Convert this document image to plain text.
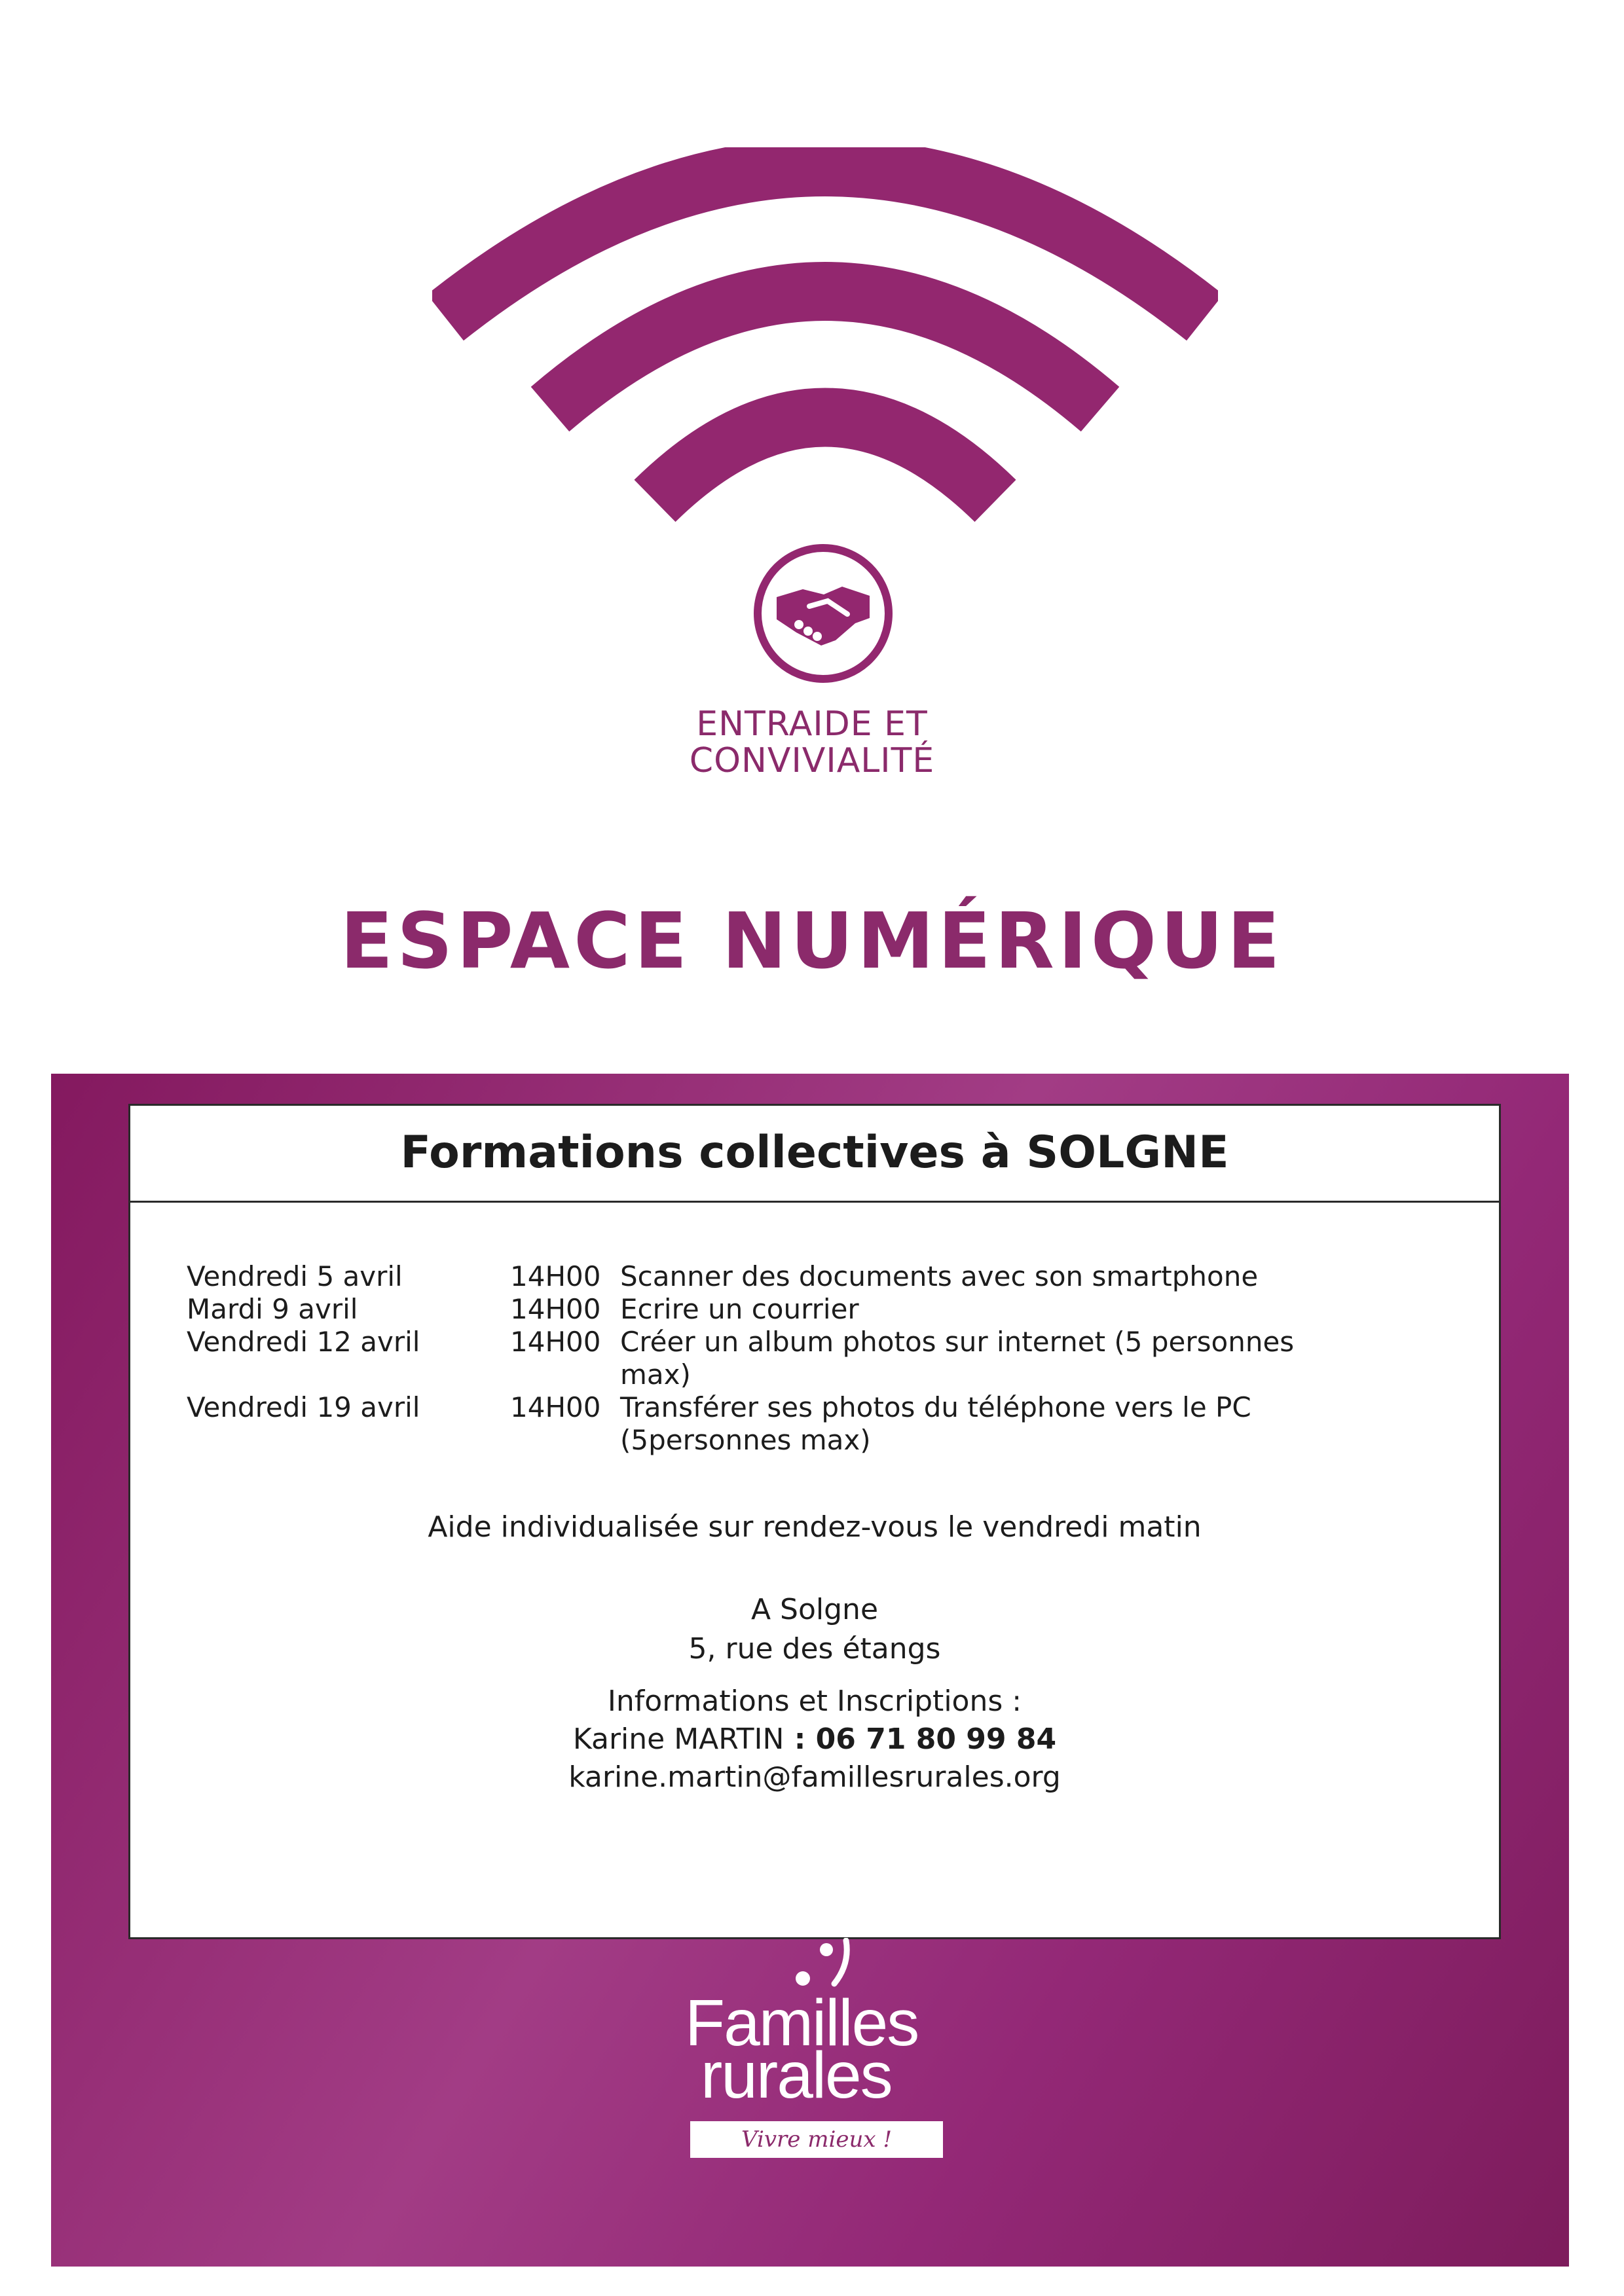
ENTRAIDE ET
CONVIVIALITÉ
ESPACE NUMÉRIQUE
Formations collectives à SOLGNE
Vendredi 5 avril	14H00 Scanner des documents avec son smartphone
Mardi 9 avril	14H00 Ecrire un courrier
Vendredi 12 avril	14H00 Créer un album photos sur internet (5 personnes max)
Vendredi 19 avril	14H00 Transférer ses photos du téléphone vers le PC (5personnes max)
Aide individualisée sur rendez-vous le vendredi matin
A Solgne
5, rue des étangs
Informations et Inscriptions :
Karine MARTIN : 06 71 80 99 84
karine.martin@famillesrurales.org
Familles
rurales
Vivre mieux !
